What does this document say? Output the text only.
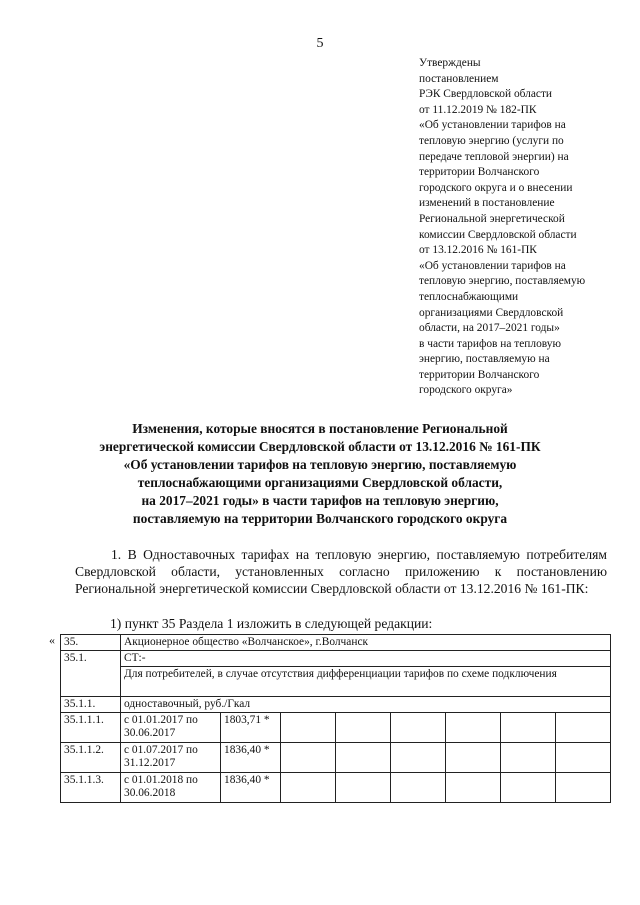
5
Утверждены
постановлением
РЭК Свердловской области
от 11.12.2019 № 182-ПК
«Об установлении тарифов на
тепловую энергию (услуги по
передаче тепловой энергии) на
территории Волчанского
городского округа и о внесении
изменений в постановление
Региональной энергетической
комиссии Свердловской области
от 13.12.2016 № 161-ПК
«Об установлении тарифов на
тепловую энергию, поставляемую
теплоснабжающими
организациями Свердловской
области, на 2017–2021 годы»
в части тарифов на тепловую
энергию, поставляемую на
территории Волчанского
городского округа»
Изменения, которые вносятся в постановление Региональной
энергетической комиссии Свердловской области от 13.12.2016 № 161-ПК
«Об установлении тарифов на тепловую энергию, поставляемую
теплоснабжающими организациями Свердловской области,
на 2017–2021 годы» в части тарифов на тепловую энергию,
поставляемую на территории Волчанского городского округа

1. В Одноставочных тарифах на тепловую энергию, поставляемую потребителям Свердловской области, установленных согласно приложению к постановлению Региональной энергетической комиссии Свердловской области от 13.12.2016 № 161-ПК:

1) пункт 35 Раздела 1 изложить в следующей редакции:
« 35.	Акционерное общество «Волчанское», г.Волчанск							
35.1.	СТ:-							
	Для потребителей, в случае отсутствия дифференциации тарифов по схеме подключения							
35.1.1.	одноставочный, руб./Гкал							
35.1.1.1.	с 01.01.2017 по 30.06.2017	1803,71 *						
35.1.1.2.	с 01.07.2017 по 31.12.2017	1836,40 *						
35.1.1.3.	с 01.01.2018 по 30.06.2018	1836,40 *						
